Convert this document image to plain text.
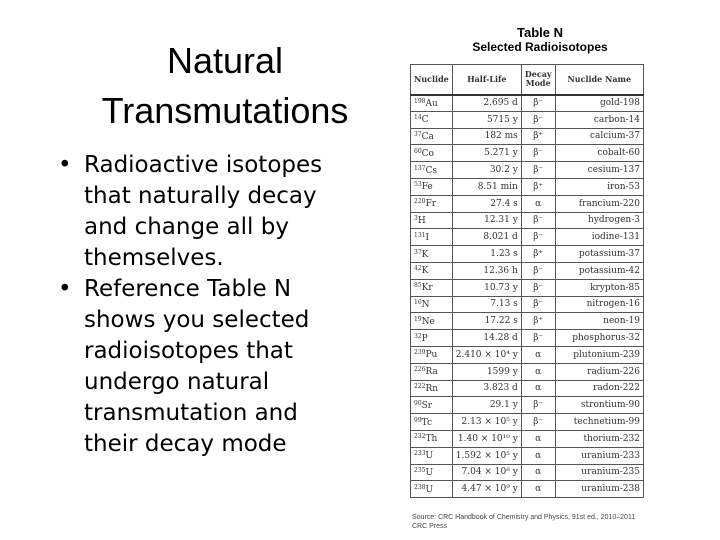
Natural
Transmutations
• Radioactive isotopes that naturally decay and change all by themselves.
• Reference Table N shows you selected radioisotopes that undergo natural transmutation and their decay mode
Table N
Selected Radioisotopes
Nuclide	Half-Life	Decay Mode	Nuclide Name
$^{198}$Au	2.695 d	β⁻	gold-198
$^{14}$C	5715 y	β⁻	carbon-14
$^{37}$Ca	182 ms	β⁺	calcium-37
$^{60}$Co	5.271 y	β⁻	cobalt-60
$^{137}$Cs	30.2 y	β⁻	cesium-137
$^{53}$Fe	8.51 min	β⁺	iron-53
$^{220}$Fr	27.4 s	α	francium-220
$^3$H	12.31 y	β⁻	hydrogen-3
$^{131}$I	8.021 d	β⁻	iodine-131
$^{37}$K	1.23 s	β⁺	potassium-37
$^{42}$K	12.36 h	β⁻	potassium-42
$^{85}$Kr	10.73 y	β⁻	krypton-85
$^{16}$N	7.13 s	β⁻	nitrogen-16
$^{19}$Ne	17.22 s	β⁺	neon-19
$^{32}$P	14.28 d	β⁻	phosphorus-32
$^{239}$Pu	2.410 × 10⁴ y	α	plutonium-239
$^{226}$Ra	1599 y	α	radium-226
$^{222}$Rn	3.823 d	α	radon-222
$^{90}$Sr	29.1 y	β⁻	strontium-90
$^{99}$Tc	2.13 × 10⁵ y	β⁻	technetium-99
$^{232}$Th	1.40 × 10¹⁰ y	α	thorium-232
$^{233}$U	1.592 × 10⁵ y	α	uranium-233
$^{235}$U	7.04 × 10⁸ y	α	uranium-235
$^{238}$U	4.47 × 10⁹ y	α	uranium-238
Source: CRC Handbook of Chemistry and Physics, 91st ed., 2010–2011
CRC Press
